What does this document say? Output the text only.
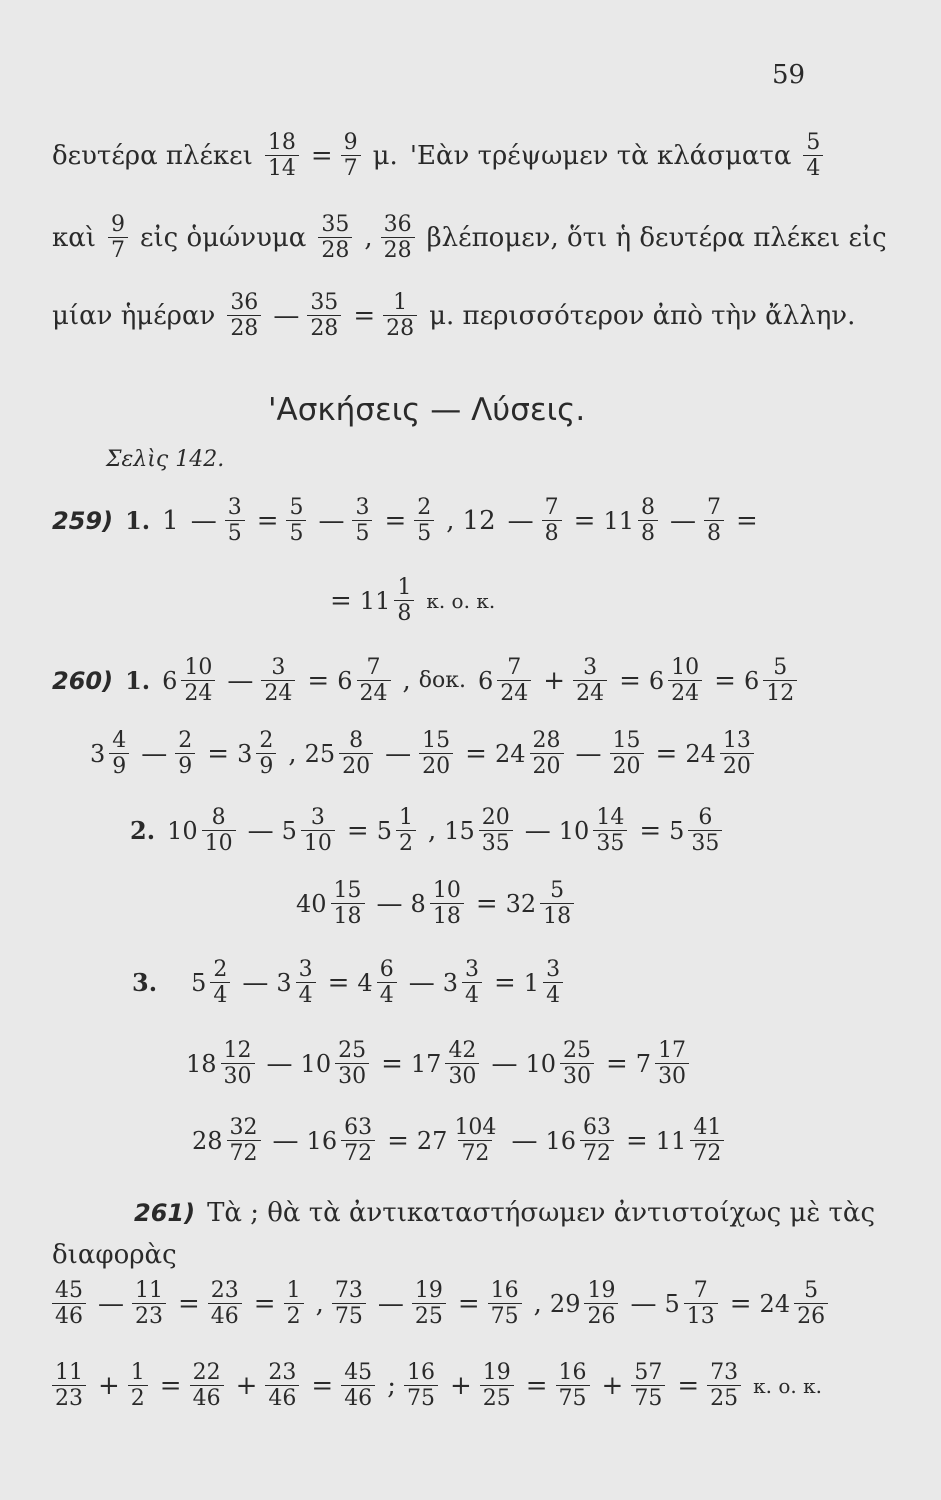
59
δευτέρα πλέκει $\frac{18}{14} = \frac{9}{7} \mu$. 'Εὰν τρέψωμεν τὰ κλάσματα $\frac{5}{4}$
καὶ $\frac{9}{7}$ εἰς ὁμώνυμα $\frac{35}{28}$ , $\frac{36}{28} \beta\lambda έ\pi o\mu\varepsilon\nu$, ὅτι ἡ δευτέρα πλέκει εἰς
μίαν ἡμέραν $\frac{36}{28}$ — $\frac{35}{28} = \frac{1}{28} \mu$. περισσότερον ἀπὸ τὴν ἄλλην.
'Ασκήσεις — Λύσεις.
Σελὶς 142.
259) 1. 1 — $\frac{3}{5} = \frac{5}{5}$ — $\frac{3}{5} = \frac{2}{5}$ , 12 — $\frac{7}{8} = 11 \frac{8}{8}$ — $\frac{7}{8}$ =
= $11 \frac{1}{8} \kappa$. ο. κ.
260) 1. $6 \frac{10}{24}$ — $\frac{3}{24} = 6 \frac{7}{24}$ , δοκ. $6 \frac{7}{24} + \frac{3}{24} = 6 \frac{10}{24} = 6 \frac{5}{12}$
$3 \frac{4}{9}$ — $\frac{2}{9} = 3 \frac{2}{9}$ , $25 \frac{8}{20}$ — $\frac{15}{20} = 24 \frac{28}{20}$ — $\frac{15}{20} = 24 \frac{13}{20}$
2. $10 \frac{8}{10}$ — $5 \frac{3}{10} = 5 \frac{1}{2}$ , $15 \frac{20}{35}$ — $10 \frac{14}{35} = 5 \frac{6}{35}$
$40 \frac{15}{18}$ — $8 \frac{10}{18} = 32 \frac{5}{18}$
3. $5 \frac{2}{4}$ — $3 \frac{3}{4} = 4 \frac{6}{4}$ — $3 \frac{3}{4} = 1 \frac{3}{4}$
$18 \frac{12}{30}$ — $10 \frac{25}{30} = 17 \frac{42}{30}$ — $10 \frac{25}{30} = 7 \frac{17}{30}$
$28 \frac{32}{72}$ — $16 \frac{63}{72} = 27 \frac{104}{72}$ — $16 \frac{63}{72} = 11 \frac{41}{72}$
261) Τὰ ; θὰ τὰ ἀντικαταστήσωμεν ἀντιστοίχως μὲ τὰς
διαφορὰς
$\frac{45}{46}$ — $\frac{11}{23} = \frac{23}{46} = \frac{1}{2}$ , $\frac{73}{75}$ — $\frac{19}{25} = \frac{16}{75}$ , $29 \frac{19}{26}$ — $5 \frac{7}{13} = 24 \frac{5}{26}$
$\frac{11}{23} + \frac{1}{2} = \frac{22}{46} + \frac{23}{46} = \frac{45}{46}$ ; $\frac{16}{75} + \frac{19}{25} = \frac{16}{75} + \frac{57}{75} = \frac{73}{25} \kappa$. ο. κ.
